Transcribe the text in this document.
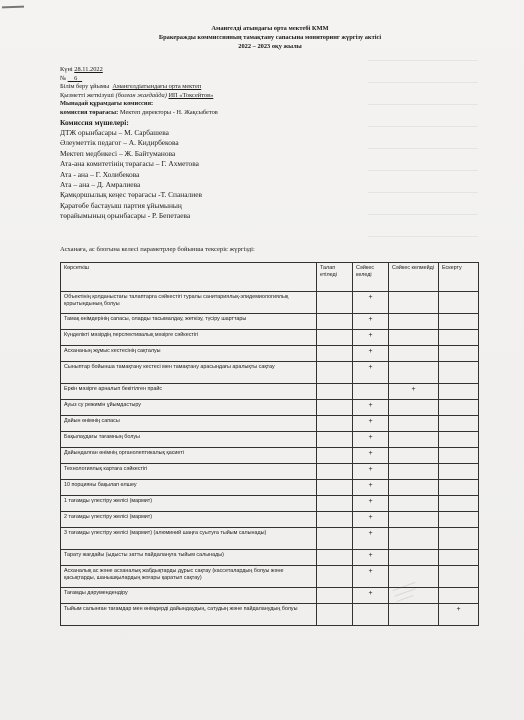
Амангелді атындағы орта мектебі КММ
Бракеражды коммиссияның тамақтану сапасына мониторинг жүргізу актісі
2022 – 2023 оқу жылы
Күні 28.11.2022
№ 6
Білім беру ұйымы Амангелдіатындағы орта мектеп
Қызметті жеткізуші (болған жағдайда) ИП «Токсейтов»
Мынадай құрамдағы комиссия:
комиссия төрағасы: Мектеп директоры - Н. Жақсыбетов
Комиссия мүшелері:
ДТЖ орынбасары – М. Сарбашева
Әлеуметтік педагог – А. Кидирбекова
Мектеп медбикесі – Ж. Байтуманова
Ата-ана комитетінің төрағасы – Г. Ахметова
Ата - ана – Г. Холибекова
Ата – ана – Д. Амралиева
Қамқоршылық кеңес төрағасы -Т. Спаналиев
Қаратөбе бастауыш партия ұйымының
төрайымының орынбасары - Р. Бепетаева
Асханаға, ас блогына келесі параметрлер бойынша тексеріс жүргізді:
Көрсеткіш	Талап етіледі	Сәйкес келеді	Сәйкес келмейді	Ескерту
Объектінің қолданыстағы талаптарға сәйкестігі туралы санитариялық-эпидемиологиялық қорытындының болуы		+		
Тамақ өнімдерінің сапасы, оларды тасымалдау, жеткізу, түсіру шарттары		+		
Күнделікті мәзірдің перспективалық мәзірге сәйкестігі		+		
Асхананың жұмыс кестесінің сақталуы		+		
Сыныптар бойынша тамақтану кестесі мен тамақтану арасындағы аралықты сақтау		+		
Еркін мәзірге арналып бекітілген прайс			+	
Ауыз су режимін ұйымдастыру		+		
Дайын өнімнің сапасы		+		
Бақылаудағы тағамның болуы		+		
Дайындалған өнімнің органолептикалық қасиеті		+		
Технологиялық картаға сәйкестігі		+		
10 порцияны бақылап өлшеу		+		
1 тағамды үлестіру желісі (мармит)		+		
2 тағамды үлестіру желісі (мармит)		+		
3 тағамды үлестіру желісі (мармит) (алюминий шаңға суытуға тыйым салынады)		+		
Тарату жағдайы (ыдысты затты пайдалануға тыйым салынады)		+		
Асханалық ас және асханалық жабдықтарды дұрыс сақтау (кассеталардың болуы және қасықтарды, шанышқылардың жоғары қаратып сақтау)		+		
Тағамды дәрумендендіру		+		
Тыйым салынған тағамдар мен өнімдерді дайындаудың, сатудың және пайдаланудың болуы				+
